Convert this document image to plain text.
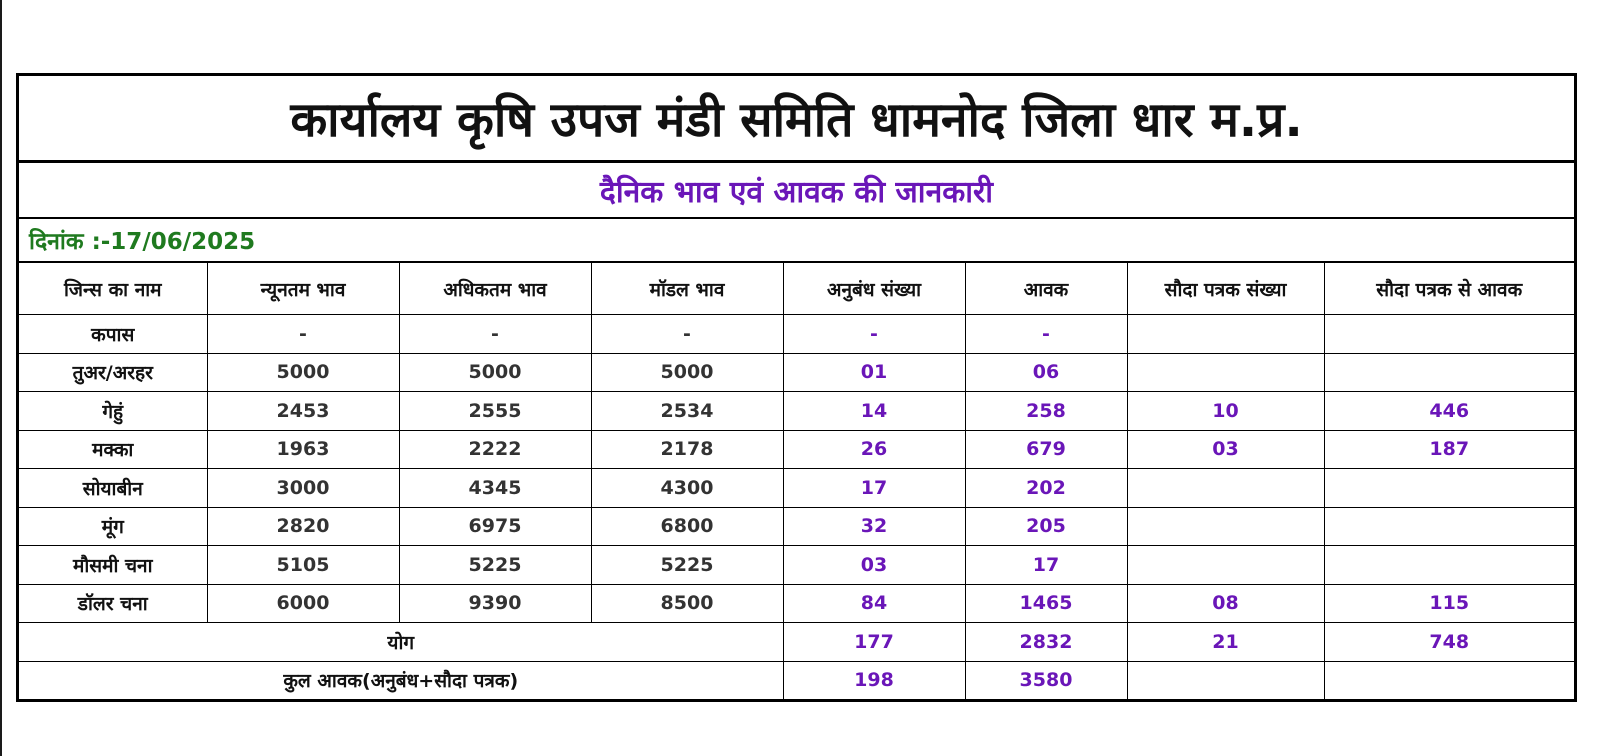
कार्यालय कृषि उपज मंडी समिति धामनोद जिला धार म.प्र.
दैनिक भाव एवं आवक की जानकारी
दिनांक :-17/06/2025
जिन्स का नाम	न्यूनतम भाव	अधिकतम भाव	मॉडल भाव	अनुबंध संख्या	आवक	सौदा पत्रक संख्या	सौदा पत्रक से आवक
कपास	-	-	-	-	-		
तुअर/अरहर	5000	5000	5000	01	06		
गेहुं	2453	2555	2534	14	258	10	446
मक्का	1963	2222	2178	26	679	03	187
सोयाबीन	3000	4345	4300	17	202		
मूंग	2820	6975	6800	32	205		
मौसमी चना	5105	5225	5225	03	17		
डॉलर चना	6000	9390	8500	84	1465	08	115
योग				177	2832	21	748
कुल आवक(अनुबंध+सौदा पत्रक)				198	3580		
